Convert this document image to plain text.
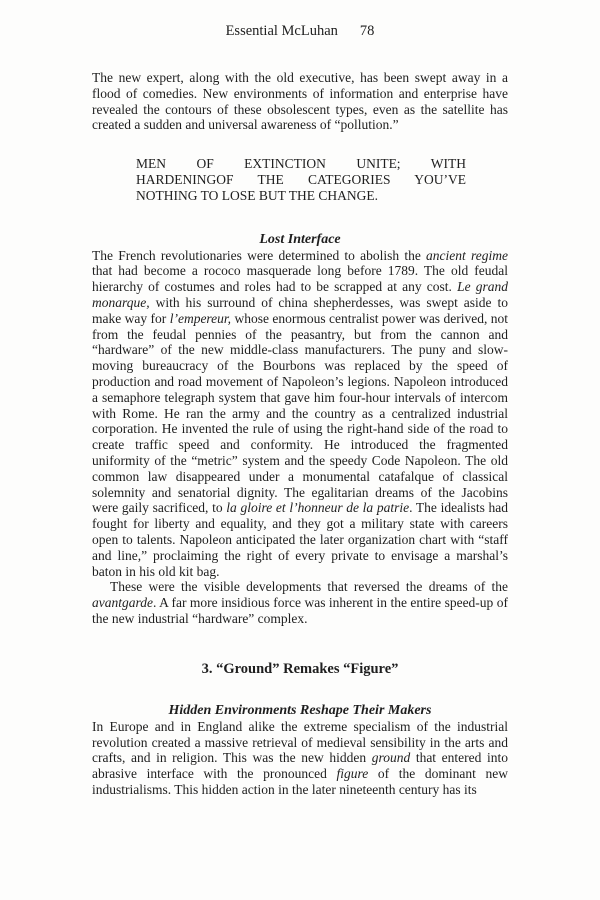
Essential McLuhan 78

The new expert, along with the old executive, has been swept away in a flood of comedies. New environments of information and enterprise have revealed the contours of these obsolescent types, even as the satellite has created a sudden and universal awareness of “pollution.”

MEN OF EXTINCTION UNITE; WITH
HARDENINGOF THE CATEGORIES YOU’VE
NOTHING TO LOSE BUT THE CHANGE.
Lost Interface

The French revolutionaries were determined to abolish the ancient regime that had become a rococo masquerade long before 1789. The old feudal hierarchy of costumes and roles had to be scrapped at any cost. Le grand monarque, with his surround of china shepherdesses, was swept aside to make way for l’empereur, whose enormous centralist power was derived, not from the feudal pennies of the peasantry, but from the cannon and “hardware” of the new middle-class manufacturers. The puny and slow-moving bureaucracy of the Bourbons was replaced by the speed of production and road movement of Napoleon’s legions. Napoleon introduced a semaphore telegraph system that gave him four-hour intervals of intercom with Rome. He ran the army and the country as a centralized industrial corporation. He invented the rule of using the right-hand side of the road to create traffic speed and conformity. He introduced the fragmented uniformity of the “metric” system and the speedy Code Napoleon. The old common law disappeared under a monumental catafalque of classical solemnity and senatorial dignity. The egalitarian dreams of the Jacobins were gaily sacrificed, to la gloire et l’honneur de la patrie. The idealists had fought for liberty and equality, and they got a military state with careers open to talents. Napoleon anticipated the later organization chart with “staff and line,” proclaiming the right of every private to envisage a marshal’s baton in his old kit bag.

These were the visible developments that reversed the dreams of the avantgarde. A far more insidious force was inherent in the entire speed-up of the new industrial “hardware” complex.

3. “Ground” Remakes “Figure”
Hidden Environments Reshape Their Makers

In Europe and in England alike the extreme specialism of the industrial revolution created a massive retrieval of medieval sensibility in the arts and crafts, and in religion. This was the new hidden ground that entered into abrasive interface with the pronounced figure of the dominant new industrialisms. This hidden action in the later nineteenth century has its
